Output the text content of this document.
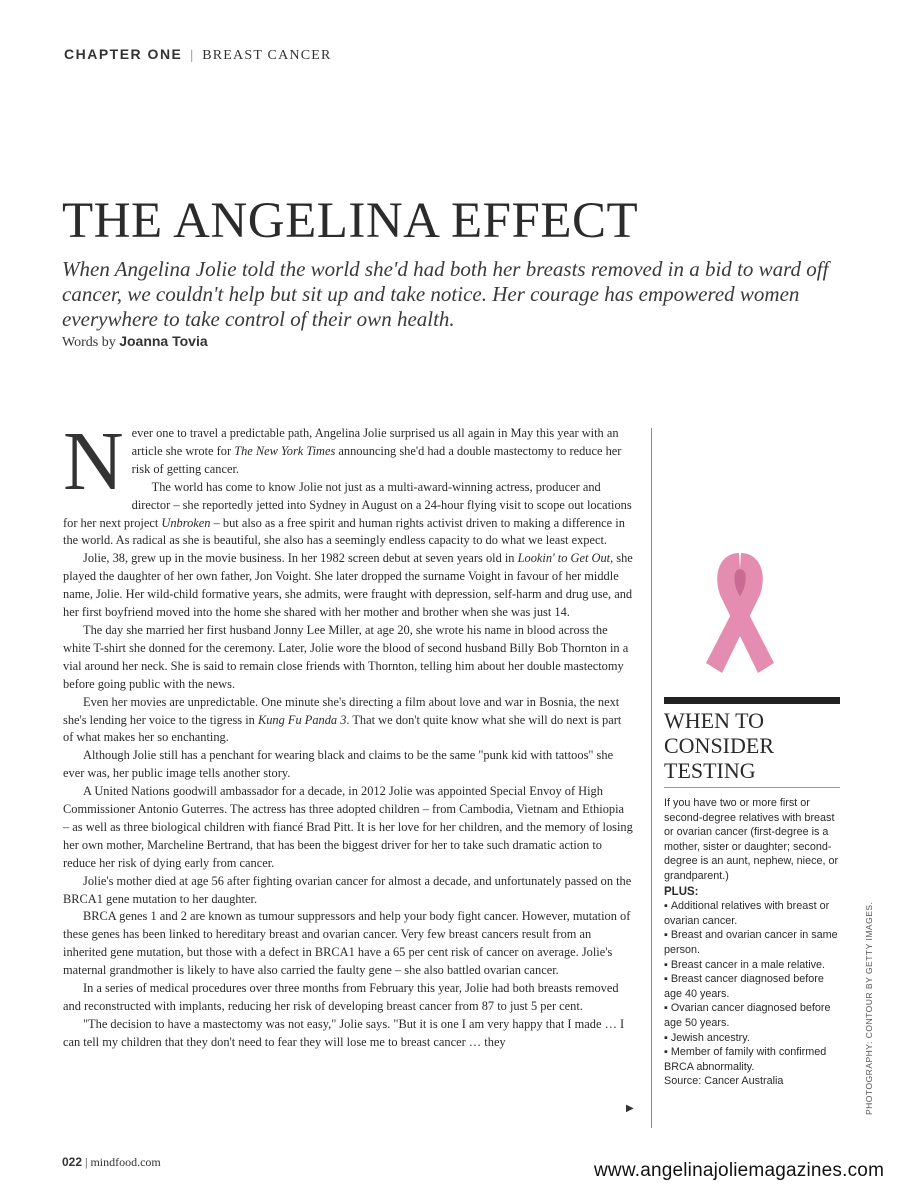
CHAPTER ONE | BREAST CANCER
THE ANGELINA EFFECT
When Angelina Jolie told the world she'd had both her breasts removed in a bid to ward off cancer, we couldn't help but sit up and take notice. Her courage has empowered women everywhere to take control of their own health.
Words by Joanna Tovia

Never one to travel a predictable path, Angelina Jolie surprised us all again in May this year with an article she wrote for The New York Times announcing she'd had a double mastectomy to reduce her risk of getting cancer.

The world has come to know Jolie not just as a multi-award-winning actress, producer and director – she reportedly jetted into Sydney in August on a 24-hour flying visit to scope out locations for her next project Unbroken – but also as a free spirit and human rights activist driven to making a difference in the world. As radical as she is beautiful, she also has a seemingly endless capacity to do what we least expect.

Jolie, 38, grew up in the movie business. In her 1982 screen debut at seven years old in Lookin' to Get Out, she played the daughter of her own father, Jon Voight. She later dropped the surname Voight in favour of her middle name, Jolie. Her wild-child formative years, she admits, were fraught with depression, self-harm and drug use, and her first boyfriend moved into the home she shared with her mother and brother when she was just 14.

The day she married her first husband Jonny Lee Miller, at age 20, she wrote his name in blood across the white T-shirt she donned for the ceremony. Later, Jolie wore the blood of second husband Billy Bob Thornton in a vial around her neck. She is said to remain close friends with Thornton, telling him about her double mastectomy before going public with the news.

Even her movies are unpredictable. One minute she's directing a film about love and war in Bosnia, the next she's lending her voice to the tigress in Kung Fu Panda 3. That we don't quite know what she will do next is part of what makes her so enchanting.

Although Jolie still has a penchant for wearing black and claims to be the same "punk kid with tattoos" she ever was, her public image tells another story.

A United Nations goodwill ambassador for a decade, in 2012 Jolie was appointed Special Envoy of High Commissioner Antonio Guterres. The actress has three adopted children – from Cambodia, Vietnam and Ethiopia – as well as three biological children with fiancé Brad Pitt. It is her love for her children, and the memory of losing her own mother, Marcheline Bertrand, that has been the biggest driver for her to take such dramatic action to reduce her risk of dying early from cancer.

Jolie's mother died at age 56 after fighting ovarian cancer for almost a decade, and unfortunately passed on the BRCA1 gene mutation to her daughter.

BRCA genes 1 and 2 are known as tumour suppressors and help your body fight cancer. However, mutation of these genes has been linked to hereditary breast and ovarian cancer. Very few breast cancers result from an inherited gene mutation, but those with a defect in BRCA1 have a 65 per cent risk of cancer on average. Jolie's maternal grandmother is likely to have also carried the faulty gene – she also battled ovarian cancer.

In a series of medical procedures over three months from February this year, Jolie had both breasts removed and reconstructed with implants, reducing her risk of developing breast cancer from 87 to just 5 per cent.

"The decision to have a mastectomy was not easy," Jolie says. "But it is one I am very happy that I made … I can tell my children that they don't need to fear they will lose me to breast cancer … they

▶
WHEN TO CONSIDER TESTING
If you have two or more first or second-degree relatives with breast or ovarian cancer (first-degree is a mother, sister or daughter; second-degree is an aunt, nephew, niece, or grandparent.)
PLUS:
▪ Additional relatives with breast or ovarian cancer.
▪ Breast and ovarian cancer in same person.
▪ Breast cancer in a male relative.
▪ Breast cancer diagnosed before age 40 years.
▪ Ovarian cancer diagnosed before age 50 years.
▪ Jewish ancestry.
▪ Member of family with confirmed BRCA abnormality.
Source: Cancer Australia	PHOTOGRAPHY: CONTOUR BY GETTY IMAGES.
022 | mindfood.com	www.angelinajoliemagazines.com
